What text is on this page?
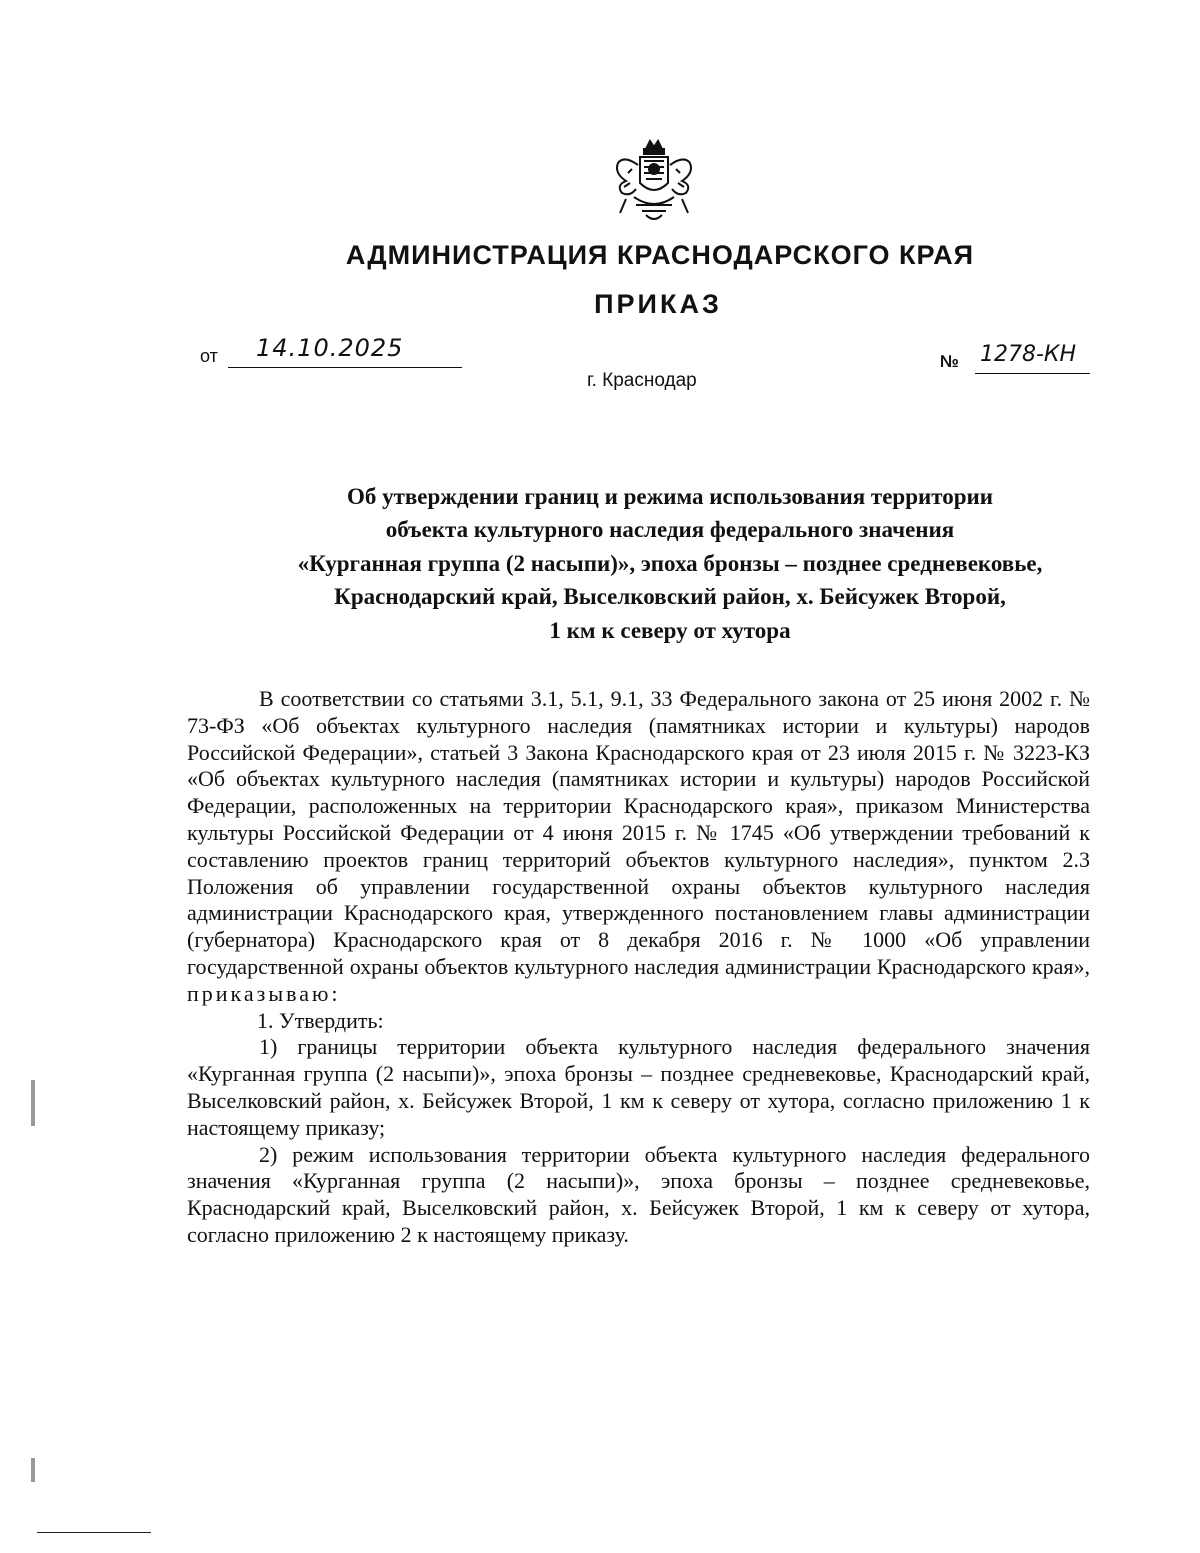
АДМИНИСТРАЦИЯ КРАСНОДАРСКОГО КРАЯ
ПРИКАЗ
от 14.10.2025
г. Краснодар
№ 1278-КН
Об утверждении границ и режима использования территории
объекта культурного наследия федерального значения
«Курганная группа (2 насыпи)», эпоха бронзы – позднее средневековье,
Краснодарский край, Выселковский район, х. Бейсужек Второй,
1 км к северу от хутора

В соответствии со статьями 3.1, 5.1, 9.1, 33 Федерального закона от 25 июня 2002 г. № 73-ФЗ «Об объектах культурного наследия (памятниках истории и культуры) народов Российской Федерации», статьей 3 Закона Краснодарского края от 23 июля 2015 г. № 3223-КЗ «Об объектах культурного наследия (памятниках истории и культуры) народов Российской Федерации, расположенных на территории Краснодарского края», приказом Министерства культуры Российской Федерации от 4 июня 2015 г. № 1745 «Об утверждении требований к составлению проектов границ территорий объектов культурного наследия», пунктом 2.3 Положения об управлении государственной охраны объектов культурного наследия администрации Краснодарского края, утвержденного постановлением главы администрации (губернатора) Краснодарского края от 8 декабря 2016 г. № 1000 «Об управлении государственной охраны объектов культурного наследия администрации Краснодарского края», приказываю:

1. Утвердить:

1) границы территории объекта культурного наследия федерального значения «Курганная группа (2 насыпи)», эпоха бронзы – позднее средневековье, Краснодарский край, Выселковский район, х. Бейсужек Второй, 1 км к северу от хутора, согласно приложению 1 к настоящему приказу;

2) режим использования территории объекта культурного наследия федерального значения «Курганная группа (2 насыпи)», эпоха бронзы – позднее средневековье, Краснодарский край, Выселковский район, х. Бейсужек Второй, 1 км к северу от хутора, согласно приложению 2 к настоящему приказу.
